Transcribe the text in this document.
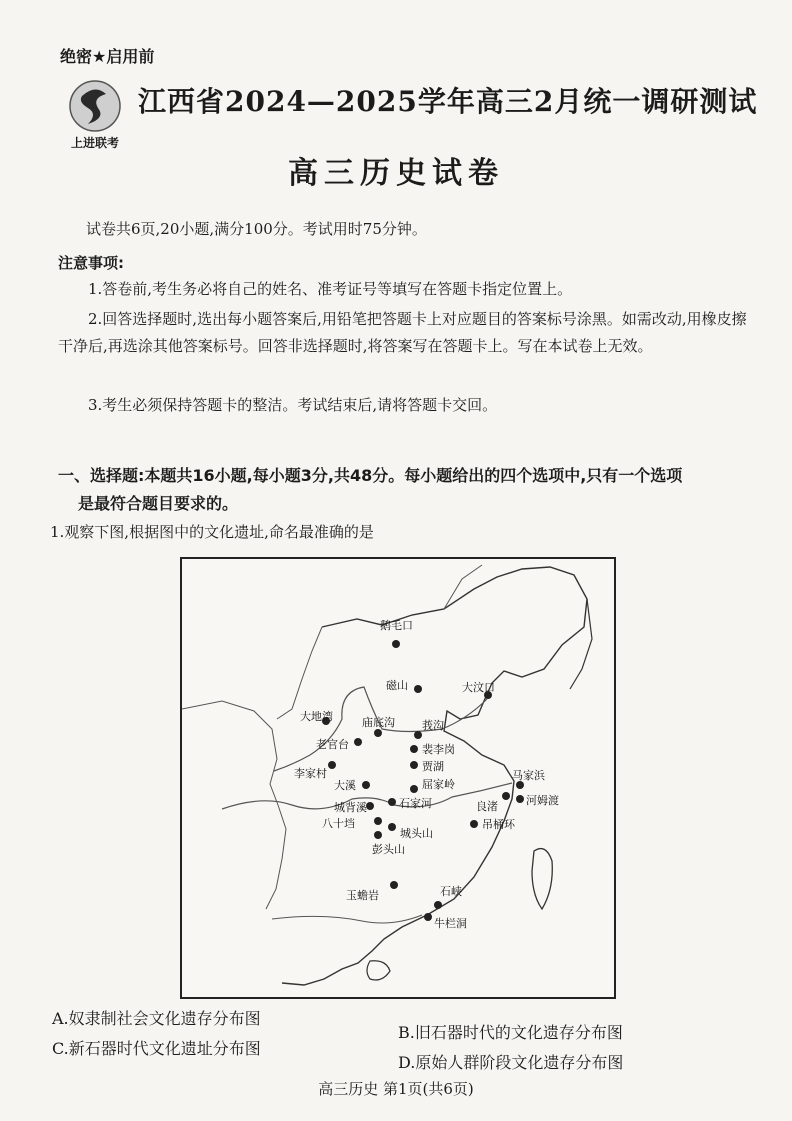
绝密★启用前
上进联考
江西省2024—2025学年高三2月统一调研测试
高三历史试卷
试卷共6页,20小题,满分100分。考试用时75分钟。
注意事项:
1.答卷前,考生务必将自己的姓名、准考证号等填写在答题卡指定位置上。
2.回答选择题时,选出每小题答案后,用铅笔把答题卡上对应题目的答案标号涂黑。如需改动,用橡皮擦干净后,再选涂其他答案标号。回答非选择题时,将答案写在答题卡上。写在本试卷上无效。
3.考生必须保持答题卡的整洁。考试结束后,请将答题卡交回。
一、选择题:本题共16小题,每小题3分,共48分。每小题给出的四个选项中,只有一个选项
是最符合题目要求的。
1.观察下图,根据图中的文化遗址,命名最准确的是
鹅毛口
磁山	大汶口
大地湾	庙底沟
裴李岗
老官台
莪沟
贾湖
李家村
大溪	屈家岭
马家浜
城背溪	石家河	良渚	河姆渡
八十垱
城头山
吊桶环
彭头山
玉蟾岩	石峡
牛栏洞
A.奴隶制社会文化遗存分布图
B.旧石器时代的文化遗存分布图
C.新石器时代文化遗址分布图
D.原始人群阶段文化遗存分布图
高三历史 第1页(共6页)
